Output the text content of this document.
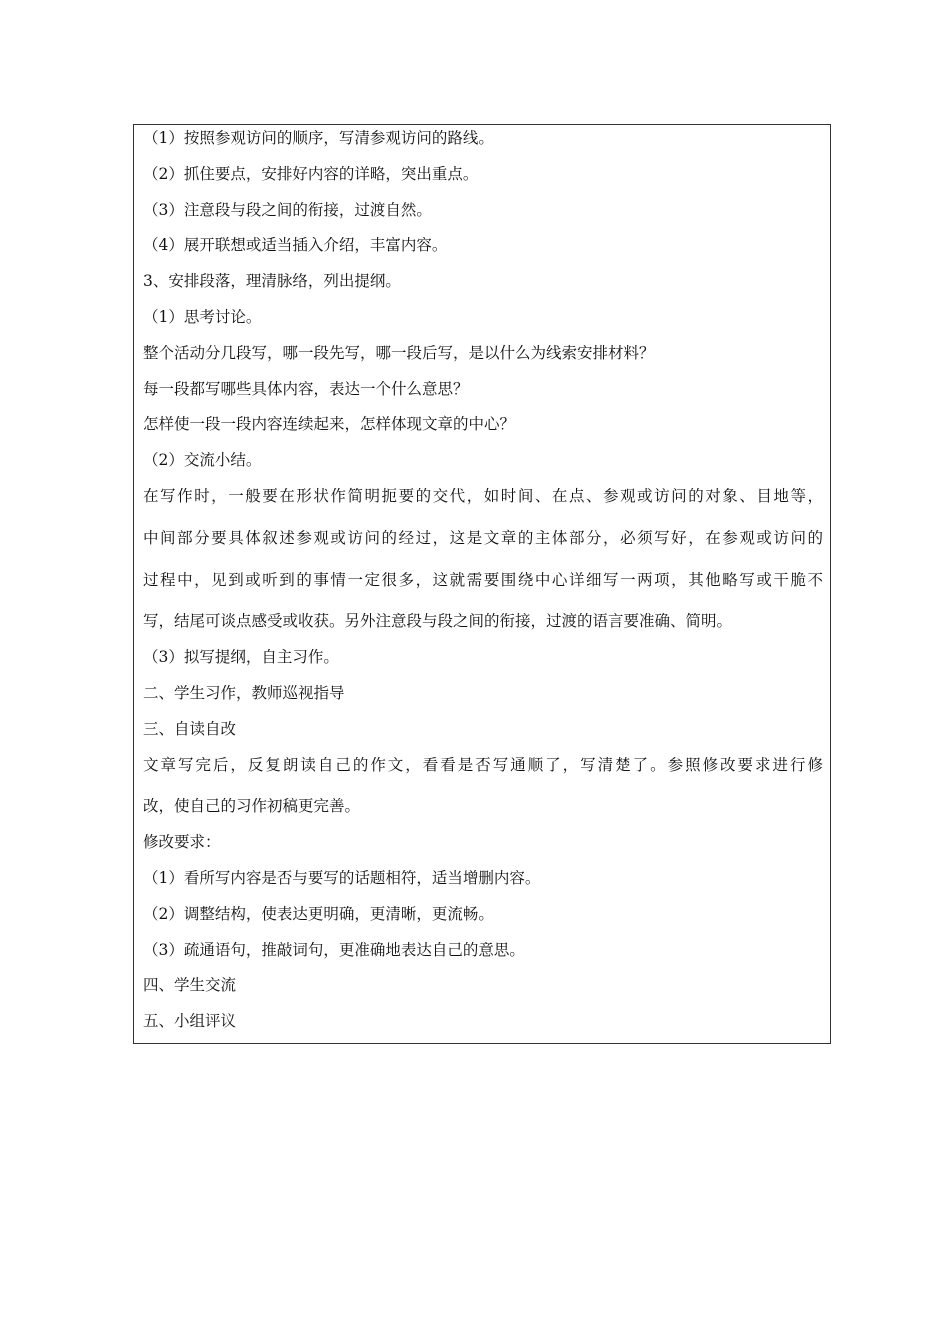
（1）按照参观访问的顺序，写清参观访问的路线。
（2）抓住要点，安排好内容的详略，突出重点。
（3）注意段与段之间的衔接，过渡自然。
（4）展开联想或适当插入介绍，丰富内容。
3、安排段落，理清脉络，列出提纲。
（1）思考讨论。
整个活动分几段写，哪一段先写，哪一段后写，是以什么为线索安排材料？
每一段都写哪些具体内容，表达一个什么意思？
怎样使一段一段内容连续起来，怎样体现文章的中心？
（2）交流小结。
在写作时，一般要在形状作简明扼要的交代，如时间、在点、参观或访问的对象、目地等，
中间部分要具体叙述参观或访问的经过，这是文章的主体部分，必须写好，在参观或访问的
过程中，见到或听到的事情一定很多，这就需要围绕中心详细写一两项，其他略写或干脆不
写，结尾可谈点感受或收获。另外注意段与段之间的衔接，过渡的语言要准确、简明。
（3）拟写提纲，自主习作。
二、学生习作，教师巡视指导
三、自读自改
文章写完后，反复朗读自己的作文，看看是否写通顺了，写清楚了。参照修改要求进行修
改，使自己的习作初稿更完善。
修改要求：
（1）看所写内容是否与要写的话题相符，适当增删内容。
（2）调整结构，使表达更明确，更清晰，更流畅。
（3）疏通语句，推敲词句，更准确地表达自己的意思。
四、学生交流
五、小组评议
